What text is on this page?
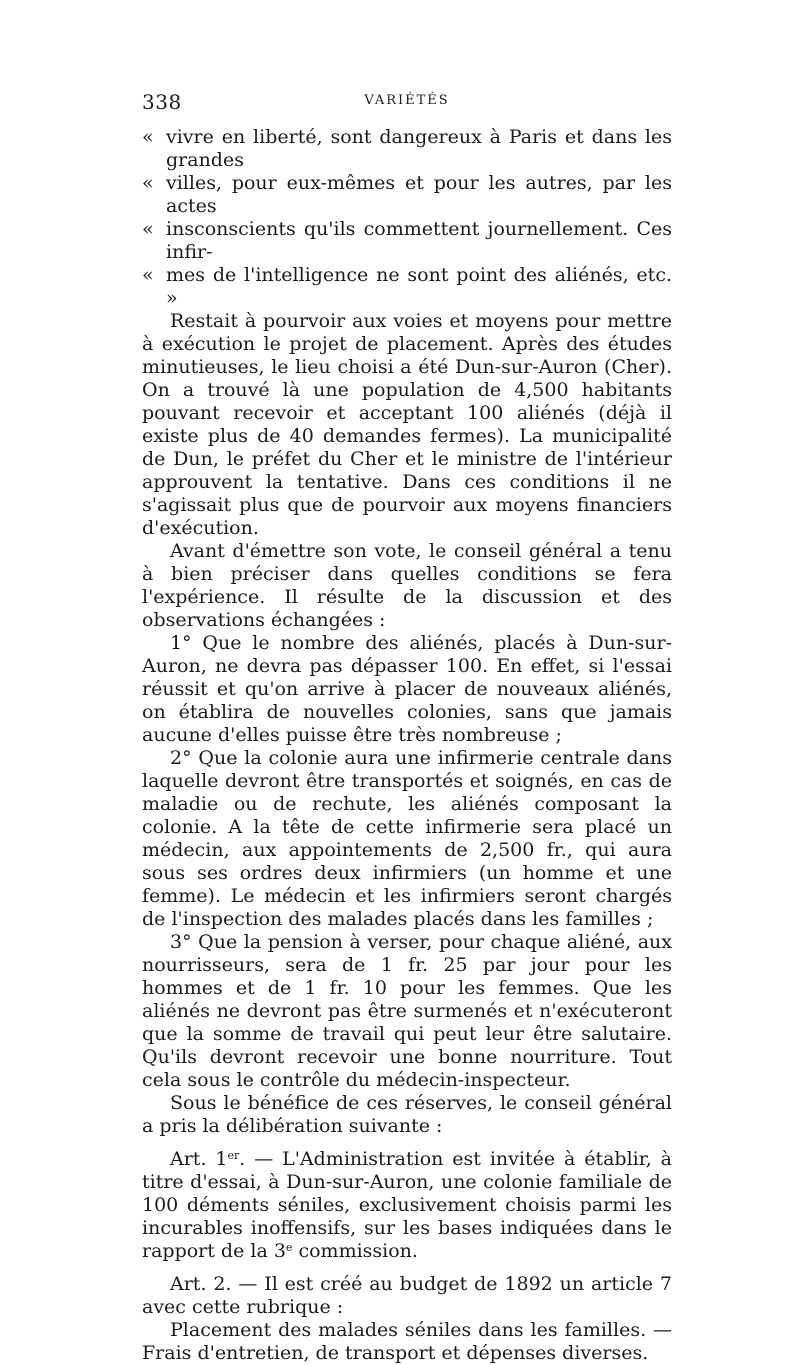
338	VARIÉTÉS
« vivre en liberté, sont dangereux à Paris et dans les grandes
« villes, pour eux-mêmes et pour les autres, par les actes
« insconscients qu'ils commettent journellement. Ces infir-
« mes de l'intelligence ne sont point des aliénés, etc. »

Restait à pourvoir aux voies et moyens pour mettre à exécution le projet de placement. Après des études minutieuses, le lieu choisi a été Dun-sur-Auron (Cher). On a trouvé là une population de 4,500 habitants pouvant recevoir et acceptant 100 aliénés (déjà il existe plus de 40 demandes fermes). La municipalité de Dun, le préfet du Cher et le ministre de l'intérieur approuvent la tentative. Dans ces conditions il ne s'agissait plus que de pourvoir aux moyens financiers d'exécution.

Avant d'émettre son vote, le conseil général a tenu à bien préciser dans quelles conditions se fera l'expérience. Il résulte de la discussion et des observations échangées :

1° Que le nombre des aliénés, placés à Dun-sur-Auron, ne devra pas dépasser 100. En effet, si l'essai réussit et qu'on arrive à placer de nouveaux aliénés, on établira de nouvelles colonies, sans que jamais aucune d'elles puisse être très nombreuse ;

2° Que la colonie aura une infirmerie centrale dans laquelle devront être transportés et soignés, en cas de maladie ou de rechute, les aliénés composant la colonie. A la tête de cette infirmerie sera placé un médecin, aux appointements de 2,500 fr., qui aura sous ses ordres deux infirmiers (un homme et une femme). Le médecin et les infirmiers seront chargés de l'inspection des malades placés dans les familles ;

3° Que la pension à verser, pour chaque aliéné, aux nourrisseurs, sera de 1 fr. 25 par jour pour les hommes et de 1 fr. 10 pour les femmes. Que les aliénés ne devront pas être surmenés et n'exécuteront que la somme de travail qui peut leur être salutaire. Qu'ils devront recevoir une bonne nourriture. Tout cela sous le contrôle du médecin-inspecteur.

Sous le bénéfice de ces réserves, le conseil général a pris la délibération suivante :

Art. 1er. — L'Administration est invitée à établir, à titre d'essai, à Dun-sur-Auron, une colonie familiale de 100 déments séniles, exclusivement choisis parmi les incurables inoffensifs, sur les bases indiquées dans le rapport de la 3e commission.

Art. 2. — Il est créé au budget de 1892 un article 7 avec cette rubrique :

Placement des malades séniles dans les familles. — Frais d'entretien, de transport et dépenses diverses.
